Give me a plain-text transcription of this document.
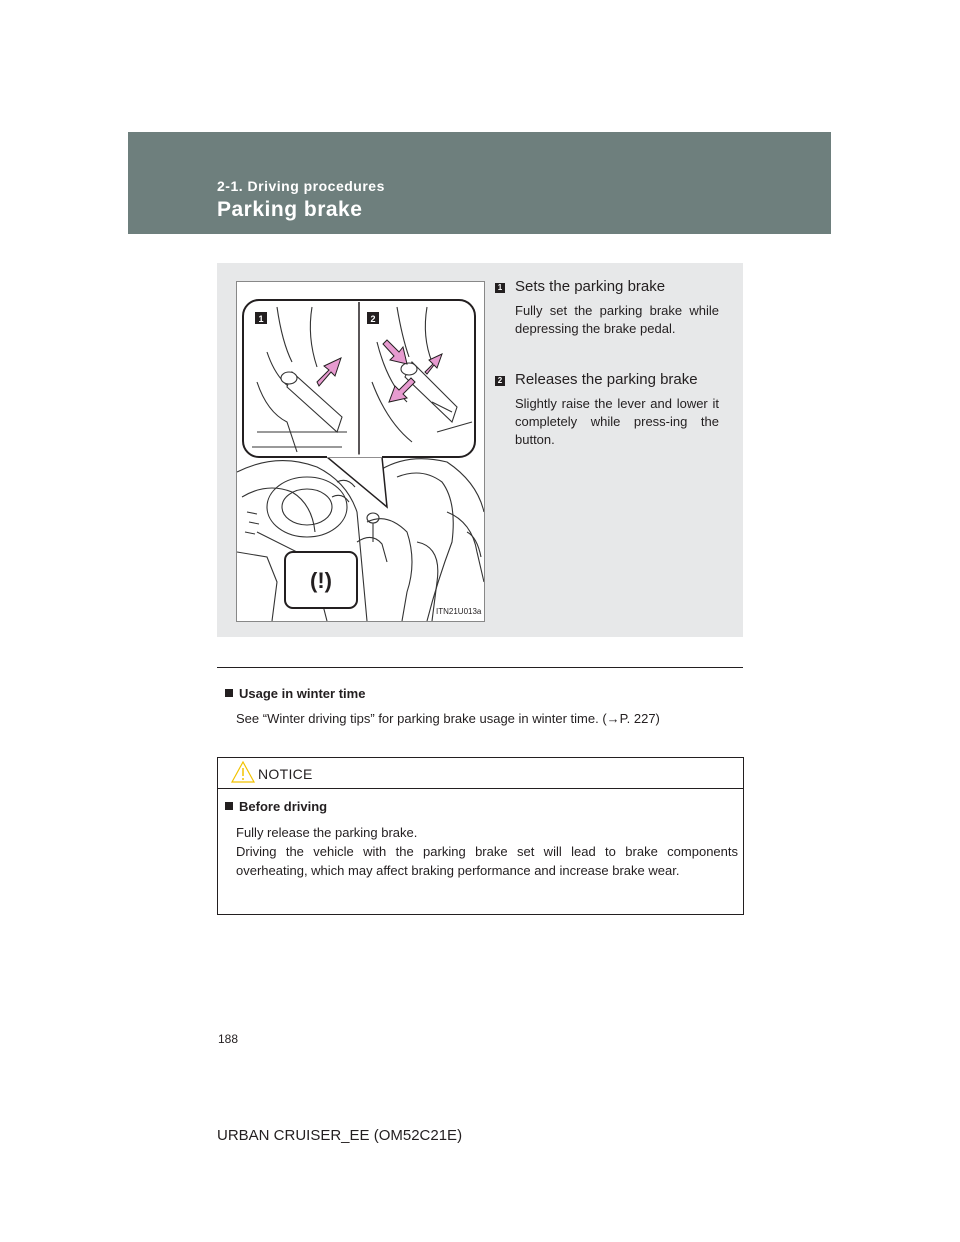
2-1. Driving procedures
Parking brake
1	2
(!)
ITN21U013a
1 Sets the parking brake
Fully set the parking brake while depressing the brake pedal.
2 Releases the parking brake
Slightly raise the lever and lower it completely while press-ing the button.
Usage in winter time
See “Winter driving tips” for parking brake usage in winter time. (→P. 227)
NOTICE
Before driving
Fully release the parking brake.
Driving the vehicle with the parking brake set will lead to brake components overheating, which may affect braking performance and increase brake wear.
188
URBAN CRUISER_EE (OM52C21E)
